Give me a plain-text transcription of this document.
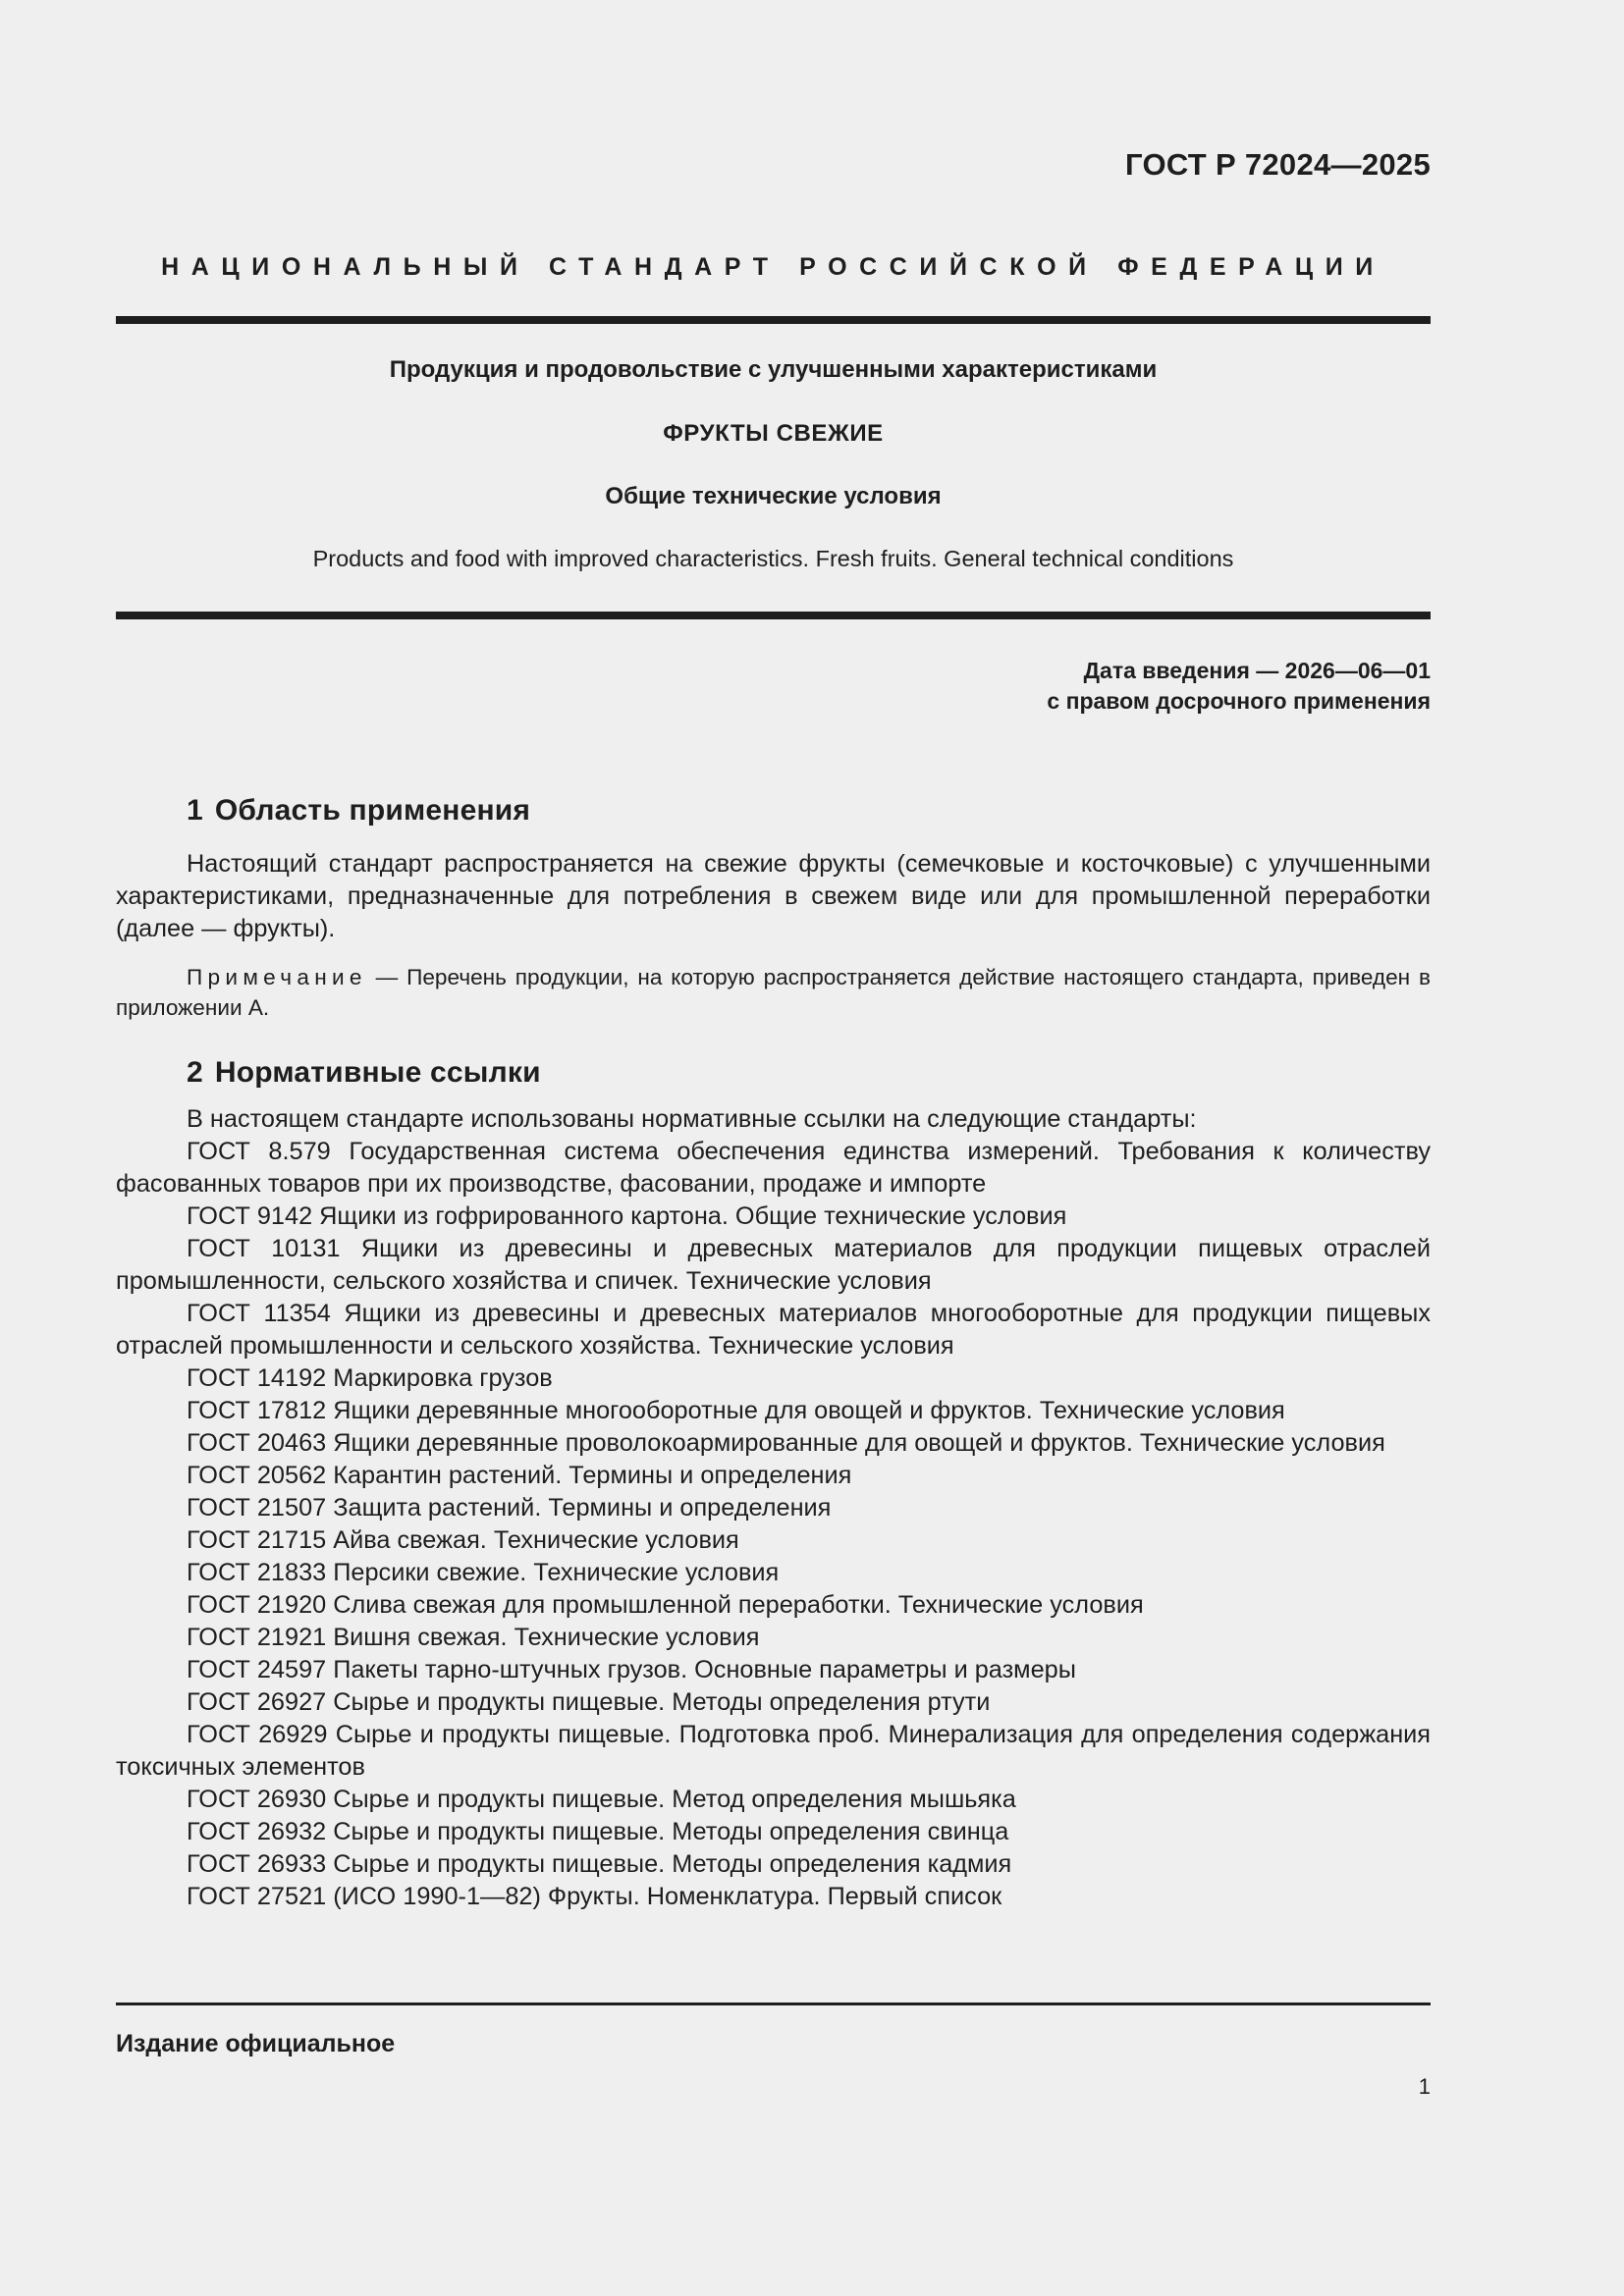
ГОСТ Р 72024—2025
НАЦИОНАЛЬНЫЙ СТАНДАРТ РОССИЙСКОЙ ФЕДЕРАЦИИ
Продукция и продовольствие с улучшенными характеристиками
ФРУКТЫ СВЕЖИЕ
Общие технические условия
Products and food with improved characteristics. Fresh fruits. General technical conditions
Дата введения — 2026—06—01
с правом досрочного применения
1 Область применения

Настоящий стандарт распространяется на свежие фрукты (семечковые и косточковые) с улучшенными характеристиками, предназначенные для потребления в свежем виде или для промышленной переработки (далее — фрукты).

Примечание — Перечень продукции, на которую распространяется действие настоящего стандарта, приведен в приложении А.

2 Нормативные ссылки
В настоящем стандарте использованы нормативные ссылки на следующие стандарты:
ГОСТ 8.579 Государственная система обеспечения единства измерений. Требования к количеству фасованных товаров при их производстве, фасовании, продаже и импорте
ГОСТ 9142 Ящики из гофрированного картона. Общие технические условия
ГОСТ 10131 Ящики из древесины и древесных материалов для продукции пищевых отраслей промышленности, сельского хозяйства и спичек. Технические условия
ГОСТ 11354 Ящики из древесины и древесных материалов многооборотные для продукции пищевых отраслей промышленности и сельского хозяйства. Технические условия
ГОСТ 14192 Маркировка грузов
ГОСТ 17812 Ящики деревянные многооборотные для овощей и фруктов. Технические условия
ГОСТ 20463 Ящики деревянные проволокоармированные для овощей и фруктов. Технические условия
ГОСТ 20562 Карантин растений. Термины и определения
ГОСТ 21507 Защита растений. Термины и определения
ГОСТ 21715 Айва свежая. Технические условия
ГОСТ 21833 Персики свежие. Технические условия
ГОСТ 21920 Слива свежая для промышленной переработки. Технические условия
ГОСТ 21921 Вишня свежая. Технические условия
ГОСТ 24597 Пакеты тарно-штучных грузов. Основные параметры и размеры
ГОСТ 26927 Сырье и продукты пищевые. Методы определения ртути
ГОСТ 26929 Сырье и продукты пищевые. Подготовка проб. Минерализация для определения содержания токсичных элементов
ГОСТ 26930 Сырье и продукты пищевые. Метод определения мышьяка
ГОСТ 26932 Сырье и продукты пищевые. Методы определения свинца
ГОСТ 26933 Сырье и продукты пищевые. Методы определения кадмия
ГОСТ 27521 (ИСО 1990-1—82) Фрукты. Номенклатура. Первый список
Издание официальное
1
